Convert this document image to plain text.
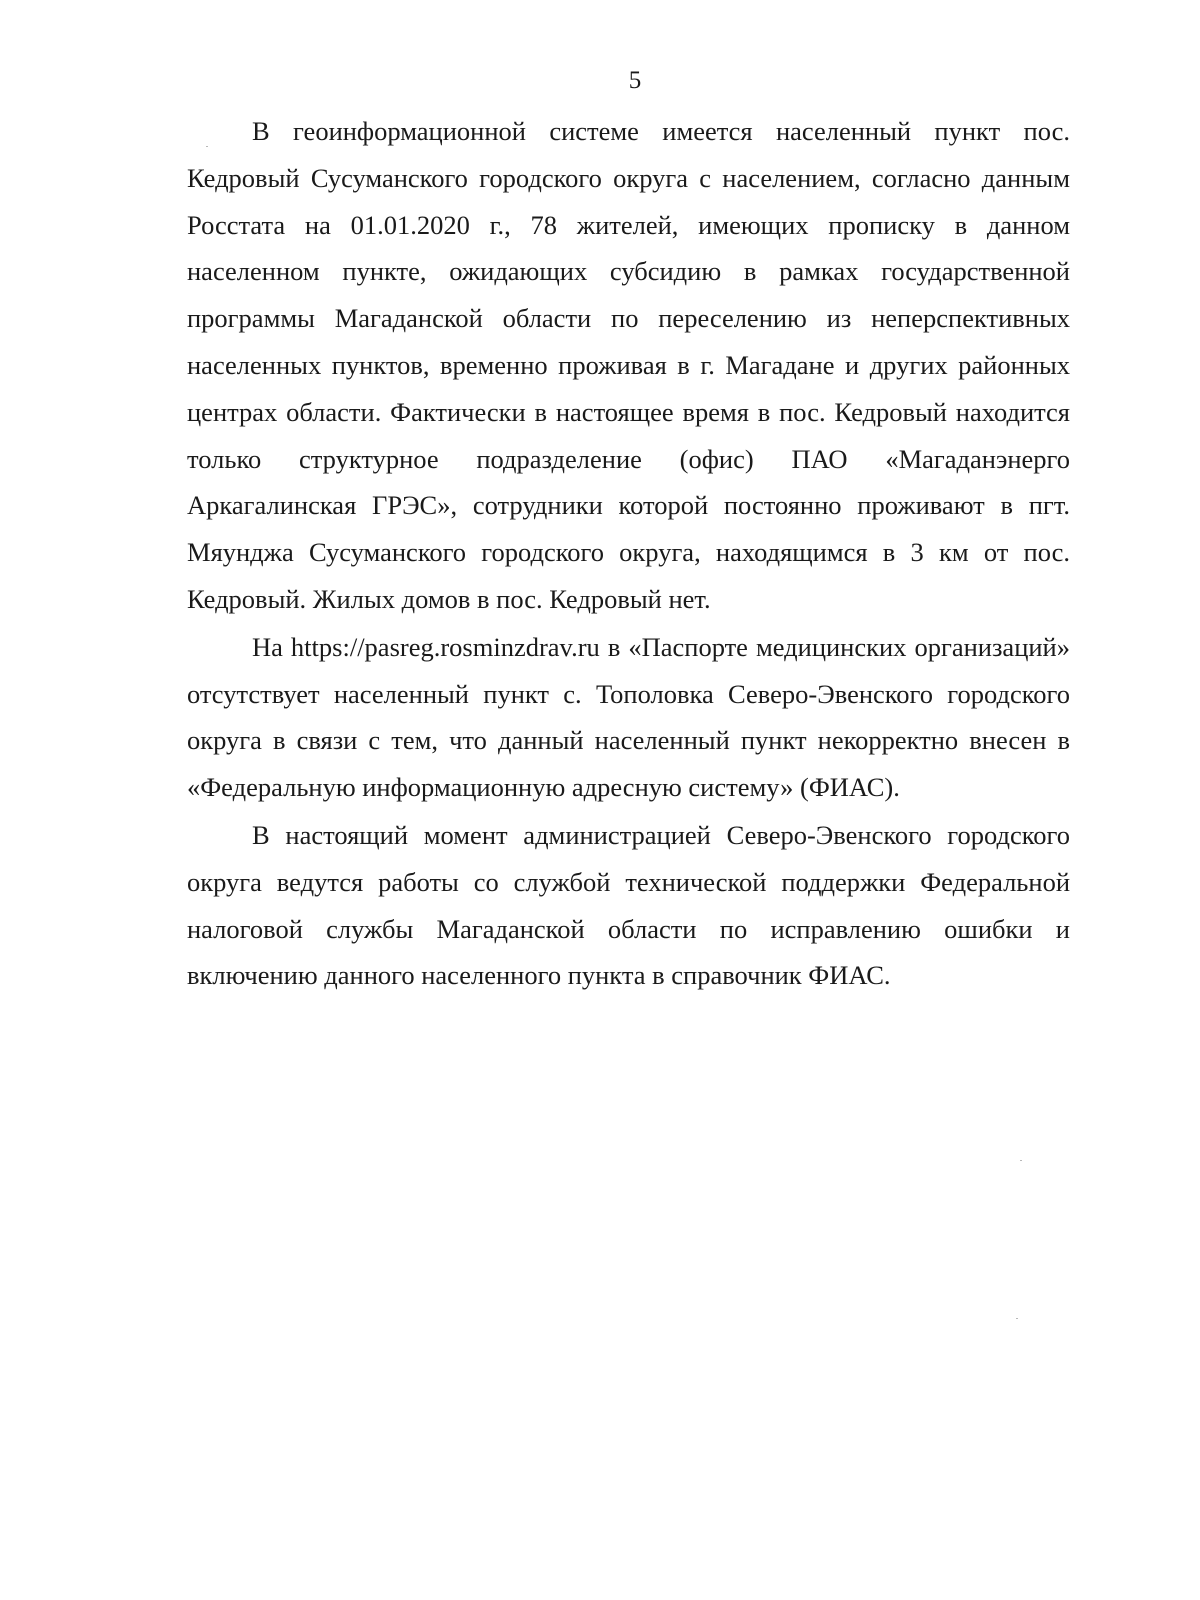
5

В геоинформационной системе имеется населенный пункт пос. Кедровый Сусуманского городского округа с населением, согласно данным Росстата на 01.01.2020 г., 78 жителей, имеющих прописку в данном населенном пункте, ожидающих субсидию в рамках государственной программы Магаданской области по переселению из неперспективных населенных пунктов, временно проживая в г. Магадане и других районных центрах области. Фактически в настоящее время в пос. Кедровый находится только структурное подразделение (офис) ПАО «Магаданэнерго Аркагалинская ГРЭС», сотрудники которой постоянно проживают в пгт. Мяунджа Сусуманского городского округа, находящимся в 3 км от пос. Кедровый. Жилых домов в пос. Кедровый нет.

На https://pasreg.rosminzdrav.ru в «Паспорте медицинских организаций» отсутствует населенный пункт с. Тополовка Северо-Эвенского городского округа в связи с тем, что данный населенный пункт некорректно внесен в «Федеральную информационную адресную систему» (ФИАС).

В настоящий момент администрацией Северо-Эвенского городского округа ведутся работы со службой технической поддержки Федеральной налоговой службы Магаданской области по исправлению ошибки и включению данного населенного пункта в справочник ФИАС.
